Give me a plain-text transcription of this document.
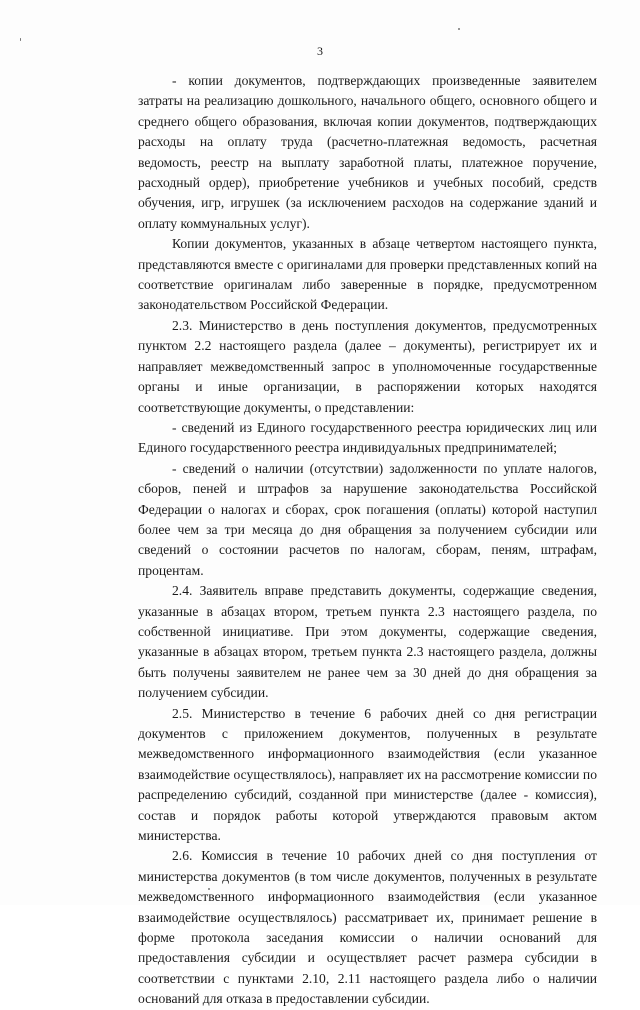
3

- копии документов, подтверждающих произведенные заявителем затраты на реализацию дошкольного, начального общего, основного общего и среднего общего образования, включая копии документов, подтверждающих расходы на оплату труда (расчетно-платежная ведомость, расчетная ведомость, реестр на выплату заработной платы, платежное поручение, расходный ордер), приобретение учебников и учебных пособий, средств обучения, игр, игрушек (за исключением расходов на содержание зданий и оплату коммунальных услуг).

Копии документов, указанных в абзаце четвертом настоящего пункта, представляются вместе с оригиналами для проверки представленных копий на соответствие оригиналам либо заверенные в порядке, предусмотренном законодательством Российской Федерации.

2.3. Министерство в день поступления документов, предусмотренных пунктом 2.2 настоящего раздела (далее – документы), регистрирует их и направляет межведомственный запрос в уполномоченные государственные органы и иные организации, в распоряжении которых находятся соответствующие документы, о представлении:

- сведений из Единого государственного реестра юридических лиц или Единого государственного реестра индивидуальных предпринимателей;

- сведений о наличии (отсутствии) задолженности по уплате налогов, сборов, пеней и штрафов за нарушение законодательства Российской Федерации о налогах и сборах, срок погашения (оплаты) которой наступил более чем за три месяца до дня обращения за получением субсидии или сведений о состоянии расчетов по налогам, сборам, пеням, штрафам, процентам.

2.4. Заявитель вправе представить документы, содержащие сведения, указанные в абзацах втором, третьем пункта 2.3 настоящего раздела, по собственной инициативе. При этом документы, содержащие сведения, указанные в абзацах втором, третьем пункта 2.3 настоящего раздела, должны быть получены заявителем не ранее чем за 30 дней до дня обращения за получением субсидии.

2.5. Министерство в течение 6 рабочих дней со дня регистрации документов с приложением документов, полученных в результате межведомственного информационного взаимодействия (если указанное взаимодействие осуществлялось), направляет их на рассмотрение комиссии по распределению субсидий, созданной при министерстве (далее - комиссия), состав и порядок работы которой утверждаются правовым актом министерства.

2.6. Комиссия в течение 10 рабочих дней со дня поступления от министерства документов (в том числе документов, полученных в результате межведомственного информационного взаимодействия (если указанное взаимодействие осуществлялось) рассматривает их, принимает решение в форме протокола заседания комиссии о наличии оснований для предоставления субсидии и осуществляет расчет размера субсидии в соответствии с пунктами 2.10, 2.11 настоящего раздела либо о наличии оснований для отказа в предоставлении субсидии.
